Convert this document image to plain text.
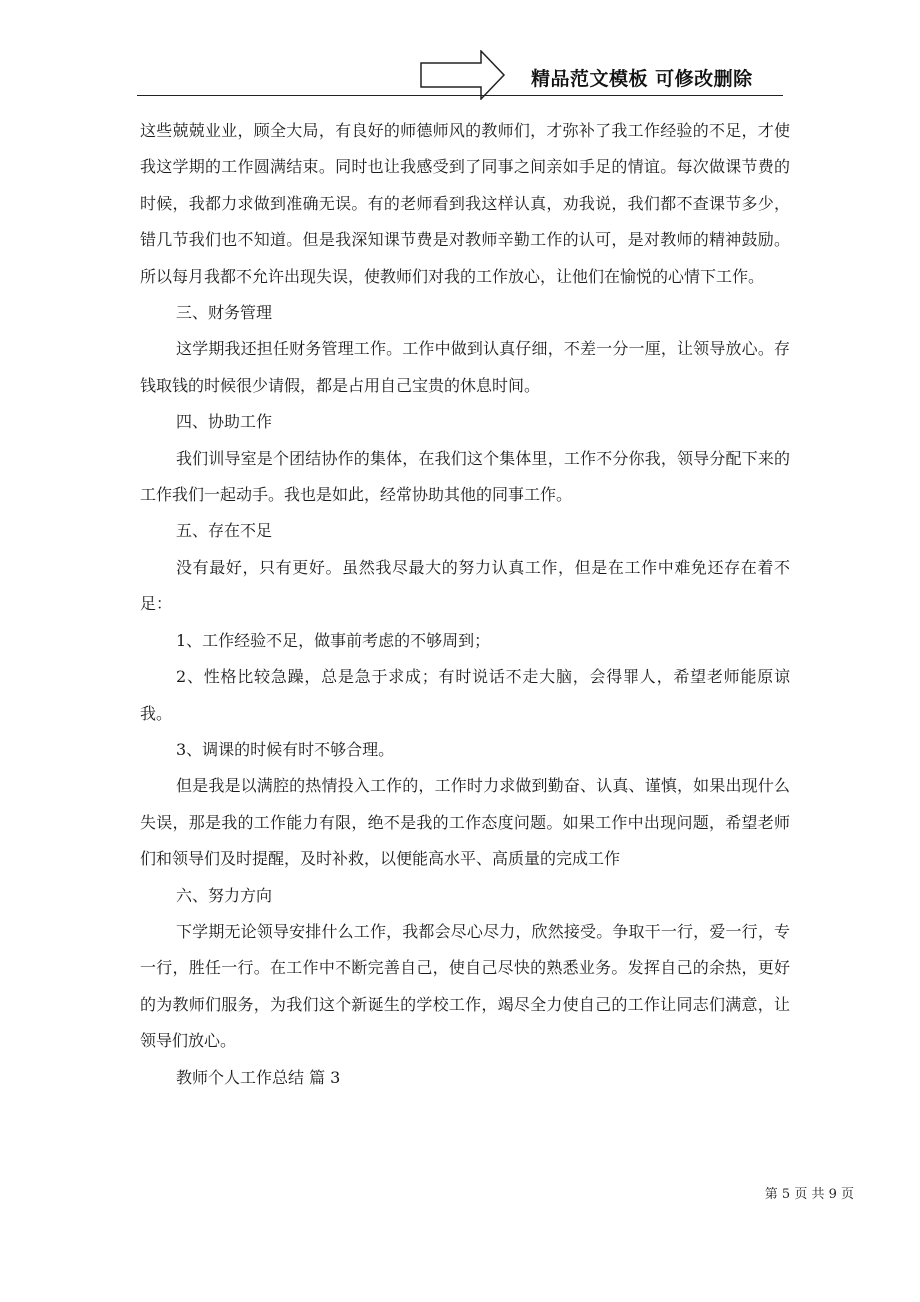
精品范文模板 可修改删除

这些兢兢业业，顾全大局，有良好的师德师风的教师们，才弥补了我工作经验的不足，才使我这学期的工作圆满结束。同时也让我感受到了同事之间亲如手足的情谊。每次做课节费的时候，我都力求做到准确无误。有的老师看到我这样认真，劝我说，我们都不查课节多少，错几节我们也不知道。但是我深知课节费是对教师辛勤工作的认可，是对教师的精神鼓励。所以每月我都不允许出现失误，使教师们对我的工作放心，让他们在愉悦的心情下工作。

三、财务管理

这学期我还担任财务管理工作。工作中做到认真仔细，不差一分一厘，让领导放心。存钱取钱的时候很少请假，都是占用自己宝贵的休息时间。

四、协助工作

我们训导室是个团结协作的集体，在我们这个集体里，工作不分你我，领导分配下来的工作我们一起动手。我也是如此，经常协助其他的同事工作。

五、存在不足

没有最好，只有更好。虽然我尽最大的努力认真工作，但是在工作中难免还存在着不足：

1、工作经验不足，做事前考虑的不够周到；

2、性格比较急躁，总是急于求成；有时说话不走大脑，会得罪人，希望老师能原谅我。

3、调课的时候有时不够合理。

但是我是以满腔的热情投入工作的，工作时力求做到勤奋、认真、谨慎，如果出现什么失误，那是我的工作能力有限，绝不是我的工作态度问题。如果工作中出现问题，希望老师们和领导们及时提醒，及时补救，以便能高水平、高质量的完成工作

六、努力方向

下学期无论领导安排什么工作，我都会尽心尽力，欣然接受。争取干一行，爱一行，专一行，胜任一行。在工作中不断完善自己，使自己尽快的熟悉业务。发挥自己的余热，更好的为教师们服务，为我们这个新诞生的学校工作，竭尽全力使自己的工作让同志们满意，让领导们放心。

教师个人工作总结 篇 3

第 5 页 共 9 页
